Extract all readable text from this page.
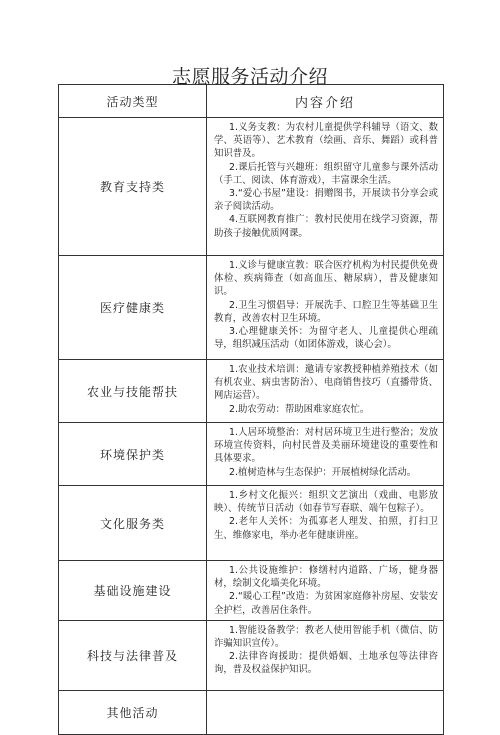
志愿服务活动介绍
活动类型	内容介绍
教育支持类	1.义务支教：为农村儿童提供学科辅导（语文、数学、英语等）、艺术教育（绘画、音乐、舞蹈）或科普知识普及。
2.课后托管与兴趣班：组织留守儿童参与课外活动（手工、阅读、体育游戏），丰富课余生活。
3.“爱心书屋”建设：捐赠图书，开展读书分享会或亲子阅读活动。
4.互联网教育推广：教村民使用在线学习资源，帮助孩子接触优质网课。

医疗健康类	1.义诊与健康宣教：联合医疗机构为村民提供免费体检、疾病筛查（如高血压、糖尿病），普及健康知识。
2.卫生习惯倡导：开展洗手、口腔卫生等基础卫生教育，改善农村卫生环境。
3.心理健康关怀：为留守老人、儿童提供心理疏导，组织减压活动（如团体游戏，谈心会）。

农业与技能帮扶	1.农业技术培训：邀请专家教授种植养殖技术（如有机农业、病虫害防治）、电商销售技巧（直播带货、网店运营）。
2.助农劳动：帮助困难家庭农忙。

环境保护类	1.人居环境整治：对村居环境卫生进行整治；发放环境宣传资料，向村民普及美丽环境建设的重要性和具体要求。
2.植树造林与生态保护：开展植树绿化活动。

文化服务类	1.乡村文化振兴：组织文艺演出（戏曲、电影放映）、传统节日活动（如春节写春联、端午包粽子）。
2.老年人关怀：为孤寡老人理发、拍照，打扫卫生、维修家电，举办老年健康讲座。

基础设施建设	1.公共设施维护：修缮村内道路、广场，健身器材，绘制文化墙美化环境。
2.“暖心工程”改造：为贫困家庭修补房屋、安装安全护栏，改善居住条件。

科技与法律普及	1.智能设备教学：教老人使用智能手机（微信、防诈骗知识宣传）。
2.法律咨询援助：提供婚姻、土地承包等法律咨询，普及权益保护知识。

其他活动	
